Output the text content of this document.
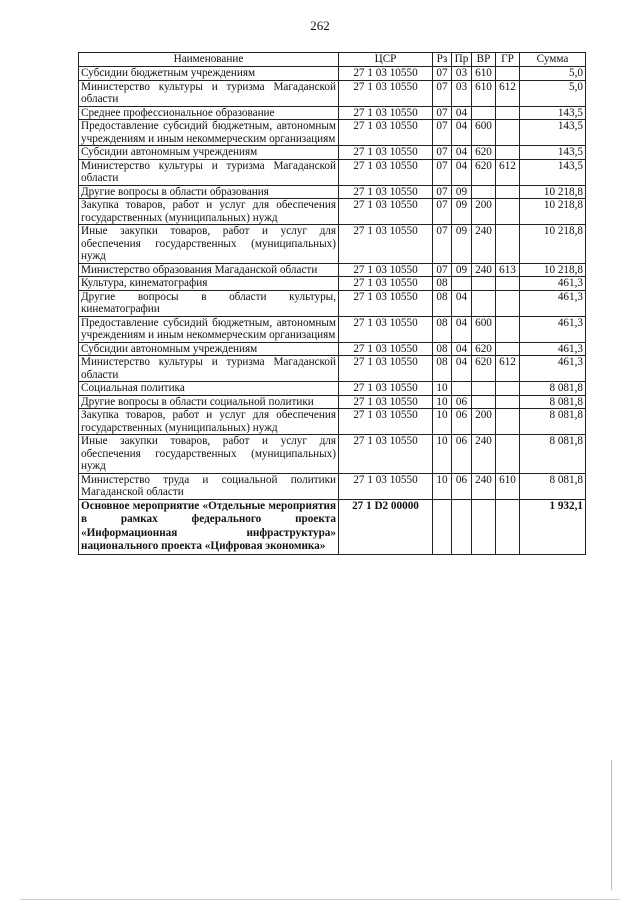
262
Наименование	ЦСР	Рз	Пр	ВР	ГР	Сумма
Субсидии бюджетным учреждениям	27 1 03 10550	07	03	610		5,0
Министерство культуры и туризма Магаданской области	27 1 03 10550	07	03	610	612	5,0
Среднее профессиональное образование	27 1 03 10550	07	04			143,5
Предоставление субсидий бюджетным, автономным учреждениям и иным некоммерческим организациям	27 1 03 10550	07	04	600		143,5
Субсидии автономным учреждениям	27 1 03 10550	07	04	620		143,5
Министерство культуры и туризма Магаданской области	27 1 03 10550	07	04	620	612	143,5
Другие вопросы в области образования	27 1 03 10550	07	09			10 218,8
Закупка товаров, работ и услуг для обеспечения государственных (муниципальных) нужд	27 1 03 10550	07	09	200		10 218,8
Иные закупки товаров, работ и услуг для обеспечения государственных (муниципальных) нужд	27 1 03 10550	07	09	240		10 218,8
Министерство образования Магаданской области	27 1 03 10550	07	09	240	613	10 218,8
Культура, кинематография	27 1 03 10550	08				461,3
Другие вопросы в области культуры, кинематографии	27 1 03 10550	08	04			461,3
Предоставление субсидий бюджетным, автономным учреждениям и иным некоммерческим организациям	27 1 03 10550	08	04	600		461,3
Субсидии автономным учреждениям	27 1 03 10550	08	04	620		461,3
Министерство культуры и туризма Магаданской области	27 1 03 10550	08	04	620	612	461,3
Социальная политика	27 1 03 10550	10				8 081,8
Другие вопросы в области социальной политики	27 1 03 10550	10	06			8 081,8
Закупка товаров, работ и услуг для обеспечения государственных (муниципальных) нужд	27 1 03 10550	10	06	200		8 081,8
Иные закупки товаров, работ и услуг для обеспечения государственных (муниципальных) нужд	27 1 03 10550	10	06	240		8 081,8
Министерство труда и социальной политики Магаданской области	27 1 03 10550	10	06	240	610	8 081,8
Основное мероприятие «Отдельные мероприятия в рамках федерального проекта «Информационная инфраструктура» национального проекта «Цифровая экономика»	27 1 D2 00000					1 932,1
